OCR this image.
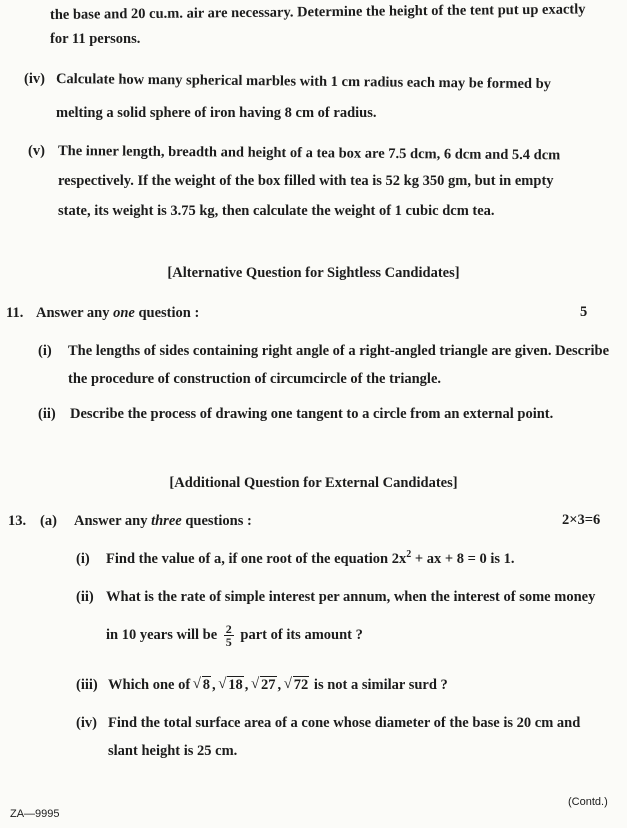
the base and 20 cu.m. air are necessary. Determine the height of the tent put up exactly
for 11 persons.
(iv) Calculate how many spherical marbles with 1 cm radius each may be formed by
melting a solid sphere of iron having 8 cm of radius.
(v) The inner length, breadth and height of a tea box are 7.5 dcm, 6 dcm and 5.4 dcm
respectively. If the weight of the box filled with tea is 52 kg 350 gm, but in empty
state, its weight is 3.75 kg, then calculate the weight of 1 cubic dcm tea.
[Alternative Question for Sightless Candidates]
11. Answer any one question :	5
(i) The lengths of sides containing right angle of a right-angled triangle are given. Describe
the procedure of construction of circumcircle of the triangle.
(ii) Describe the process of drawing one tangent to a circle from an external point.
[Additional Question for External Candidates]
13. (a) Answer any three questions :	2×3=6
(i) Find the value of a, if one root of the equation $2x^2$ + ax + 8 = 0 is 1.
(ii) What is the rate of simple interest per annum, when the interest of some money
in 10 years will be $\frac{2}{5}$ part of its amount ?
(iii) Which one of √ 8 , √ 18 , √ 27 , √ 72 is not a similar surd ?
(iv) Find the total surface area of a cone whose diameter of the base is 20 cm and
slant height is 25 cm.
ZA—9995
(Contd.)
